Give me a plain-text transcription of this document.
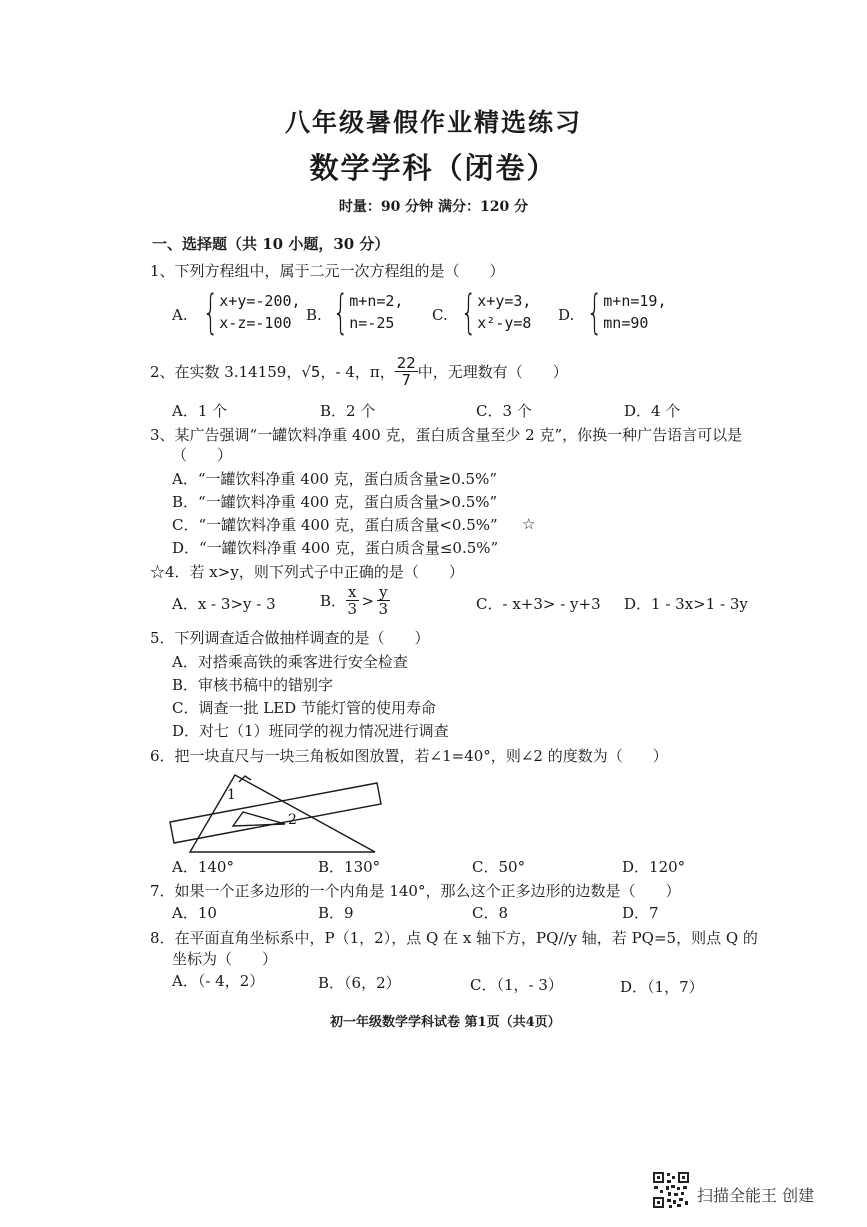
八年级暑假作业精选练习
数学学科（闭卷）
时量：90 分钟 满分：120 分
一、选择题（共 10 小题，30 分）
1、下列方程组中，属于二元一次方程组的是（　　）
A. { x+y=-200,
x-z=-100 B. { m+n=2,
n=-25	C. { x+y=3,
x²-y=8 D. { m+n=19,
mn=90
2、在实数 3.14159， √5 ，- 4，π， $\frac{22}{7}$ 中，无理数有（　　）
A．1 个	B．2 个	C．3 个	D．4 个
3、某广告强调“一罐饮料净重 400 克，蛋白质含量至少 2 克”，你换一种广告语言可以是
（　　）
A．“一罐饮料净重 400 克，蛋白质含量≥0.5%”
B．“一罐饮料净重 400 克，蛋白质含量>0.5%”
C．“一罐饮料净重 400 克，蛋白质含量<0.5%” ☆
D．“一罐饮料净重 400 克，蛋白质含量≤0.5%”
☆4．若 x>y，则下列式子中正确的是（　　）
A．x - 3>y - 3	B． $\frac{x}{3} > \frac{y}{3}$	C．- x+3> - y+3 D．1 - 3x>1 - 3y
5．下列调查适合做抽样调查的是（　　）
A．对搭乘高铁的乘客进行安全检查
B．审核书稿中的错别字
C．调查一批 LED 节能灯管的使用寿命
D．对七（1）班同学的视力情况进行调查
6．把一块直尺与一块三角板如图放置，若∠1=40°，则∠2 的度数为（　　）
1
2
A．140°	B．130°	C．50°	D．120°
7．如果一个正多边形的一个内角是 140°，那么这个正多边形的边数是（　　）
A．10	B．9	C．8	D．7
8．在平面直角坐标系中，P（1，2），点 Q 在 x 轴下方，PQ//y 轴，若 PQ=5，则点 Q 的
坐标为（　　）
A．（- 4，2）	B．（6，2）	C．（1，- 3）	D．（1，7）
初一年级数学学科试卷 第1页（共4页）
扫描全能王 创建
